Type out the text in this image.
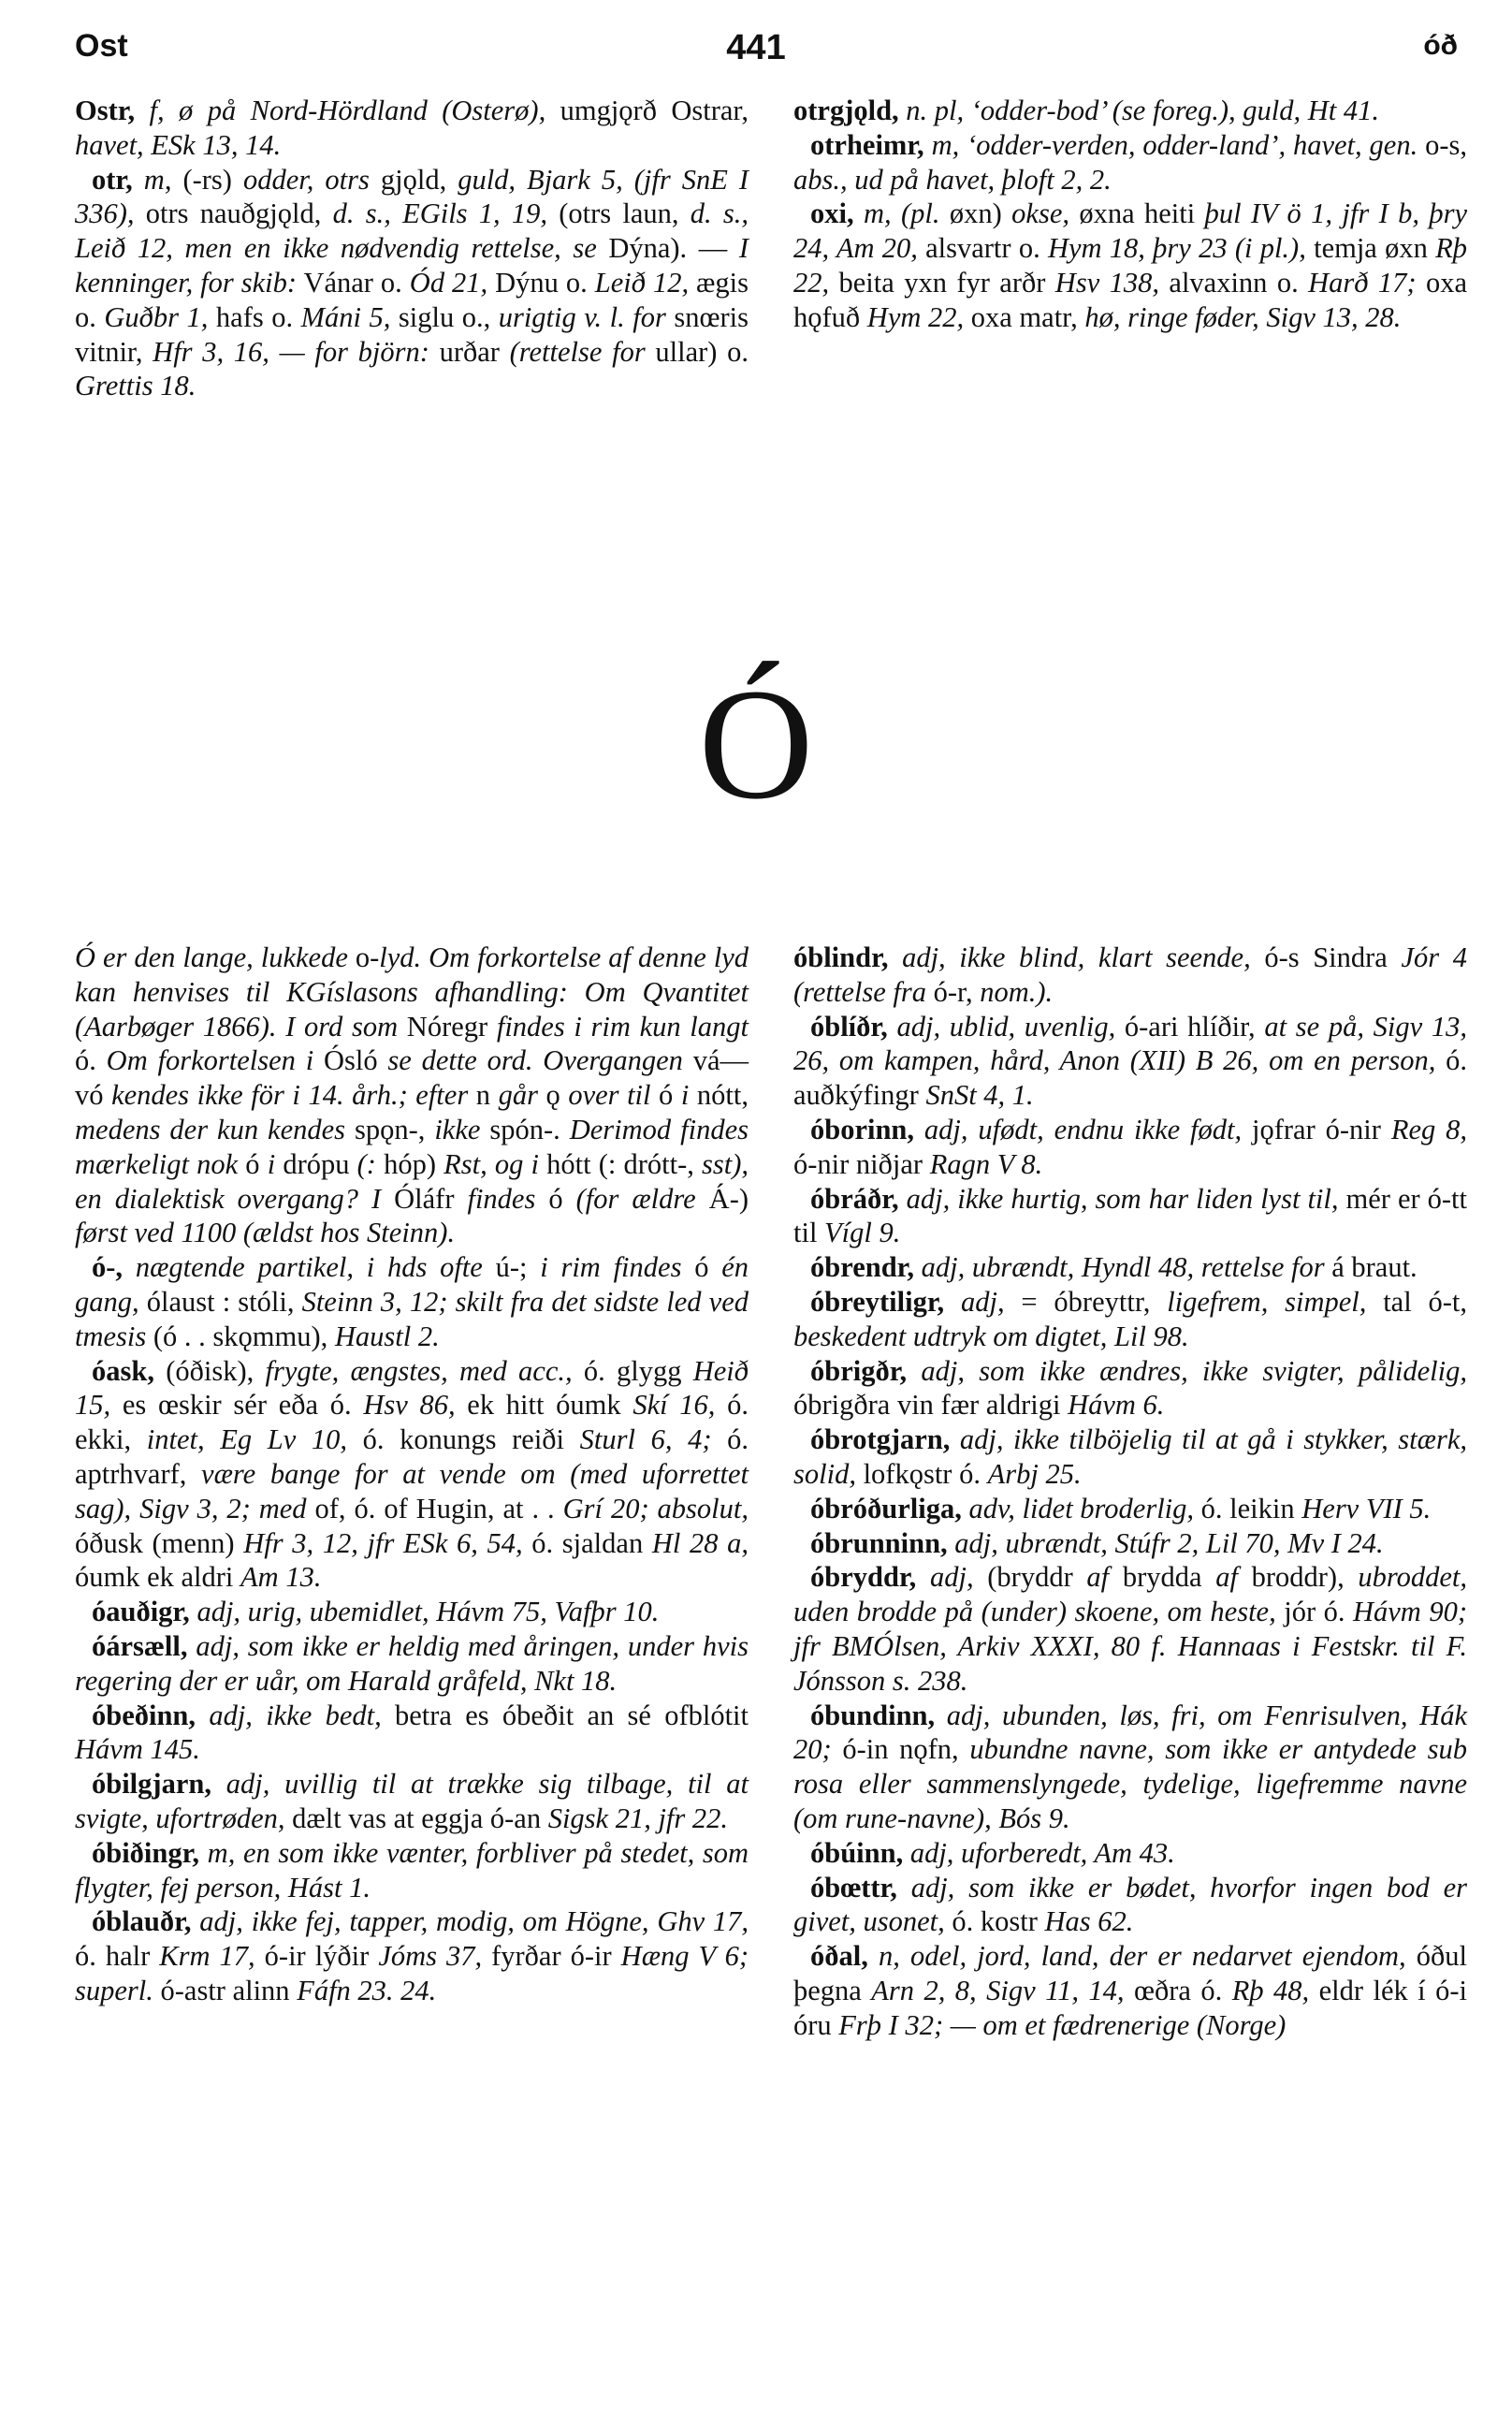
Ost	441	óð

Ostr, f, ø på Nord-Hördland (Osterø), umgjǫrð Ostrar, havet, ESk 13, 14.

otr, m, (-rs) odder, otrs gjǫld, guld, Bjark 5, (jfr SnE I 336), otrs nauðgjǫld, d. s., EGils 1, 19, (otrs laun, d. s., Leið 12, men en ikke nødvendig rettelse, se Dýna). — I kenninger, for skib: Vánar o. Ód 21, Dýnu o. Leið 12, ægis o. Guðbr 1, hafs o. Máni 5, siglu o., urigtig v. l. for snœris vitnir, Hfr 3, 16, — for björn: urðar (rettelse for ullar) o. Grettis 18.

otrgjǫld, n. pl, ‘odder-bod’ (se foreg.), guld, Ht 41.

otrheimr, m, ‘odder-verden, odder-land’, havet, gen. o-s, abs., ud på havet, þloft 2, 2.

oxi, m, (pl. øxn) okse, øxna heiti þul IV ö 1, jfr I b, þry 24, Am 20, alsvartr o. Hym 18, þry 23 (i pl.), temja øxn Rþ 22, beita yxn fyr arðr Hsv 138, alvaxinn o. Harð 17; oxa hǫfuð Hym 22, oxa matr, hø, ringe føder, Sigv 13, 28.

Ó

Ó er den lange, lukkede o-lyd. Om forkortelse af denne lyd kan henvises til KGíslasons afhandling: Om Qvantitet (Aarbøger 1866). I ord som Nóregr findes i rim kun langt ó. Om forkortelsen i Ósló se dette ord. Overgangen vá—vó kendes ikke för i 14. årh.; efter n går ǫ over til ó i nótt, medens der kun kendes spǫn-, ikke spón-. Derimod findes mærkeligt nok ó i drópu (: hóp) Rst, og i hótt (: drótt-, sst), en dialektisk overgang? I Óláfr findes ó (for ældre Á-) først ved 1100 (ældst hos Steinn).

ó-, nægtende partikel, i hds ofte ú-; i rim findes ó én gang, ólaust : stóli, Steinn 3, 12; skilt fra det sidste led ved tmesis (ó . . skǫmmu), Haustl 2.

óask, (óðisk), frygte, ængstes, med acc., ó. glygg Heið 15, es œskir sér eða ó. Hsv 86, ek hitt óumk Skí 16, ó. ekki, intet, Eg Lv 10, ó. konungs reiði Sturl 6, 4; ó. aptrhvarf, være bange for at vende om (med uforrettet sag), Sigv 3, 2; med of, ó. of Hugin, at . . Grí 20; absolut, óðusk (menn) Hfr 3, 12, jfr ESk 6, 54, ó. sjaldan Hl 28 a, óumk ek aldri Am 13.

óauðigr, adj, urig, ubemidlet, Hávm 75, Vafþr 10.

óársæll, adj, som ikke er heldig med åringen, under hvis regering der er uår, om Harald gråfeld, Nkt 18.

óbeðinn, adj, ikke bedt, betra es óbeðit an sé ofblótit Hávm 145.

óbilgjarn, adj, uvillig til at trække sig tilbage, til at svigte, ufortrøden, dælt vas at eggja ó-an Sigsk 21, jfr 22.

óbiðingr, m, en som ikke vænter, forbliver på stedet, som flygter, fej person, Hást 1.

óblauðr, adj, ikke fej, tapper, modig, om Högne, Ghv 17, ó. halr Krm 17, ó-ir lýðir Jóms 37, fyrðar ó-ir Hæng V 6; superl. ó-astr alinn Fáfn 23. 24.

óblindr, adj, ikke blind, klart seende, ó-s Sindra Jór 4 (rettelse fra ó-r, nom.).

óblíðr, adj, ublid, uvenlig, ó-ari hlíðir, at se på, Sigv 13, 26, om kampen, hård, Anon (XII) B 26, om en person, ó. auðkýfingr SnSt 4, 1.

óborinn, adj, ufødt, endnu ikke født, jǫfrar ó-nir Reg 8, ó-nir niðjar Ragn V 8.

óbráðr, adj, ikke hurtig, som har liden lyst til, mér er ó-tt til Vígl 9.

óbrendr, adj, ubrændt, Hyndl 48, rettelse for á braut.

óbreytiligr, adj, = óbreyttr, ligefrem, simpel, tal ó-t, beskedent udtryk om digtet, Lil 98.

óbrigðr, adj, som ikke ændres, ikke svigter, pålidelig, óbrigðra vin fær aldrigi Hávm 6.

óbrotgjarn, adj, ikke tilböjelig til at gå i stykker, stærk, solid, lofkǫstr ó. Arbj 25.

óbróðurliga, adv, lidet broderlig, ó. leikin Herv VII 5.

óbrunninn, adj, ubrændt, Stúfr 2, Lil 70, Mv I 24.

óbryddr, adj, (bryddr af brydda af broddr), ubroddet, uden brodde på (under) skoene, om heste, jór ó. Hávm 90; jfr BMÓlsen, Arkiv XXXI, 80 f. Hannaas i Festskr. til F. Jónsson s. 238.

óbundinn, adj, ubunden, løs, fri, om Fenrisulven, Hák 20; ó-in nǫfn, ubundne navne, som ikke er antydede sub rosa eller sammenslyngede, tydelige, ligefremme navne (om rune-navne), Bós 9.

óbúinn, adj, uforberedt, Am 43.

óbœttr, adj, som ikke er bødet, hvorfor ingen bod er givet, usonet, ó. kostr Has 62.

óðal, n, odel, jord, land, der er nedarvet ejendom, óðul þegna Arn 2, 8, Sigv 11, 14, œðra ó. Rþ 48, eldr lék í ó-i óru Frþ I 32; — om et fædrenerige (Norge)
